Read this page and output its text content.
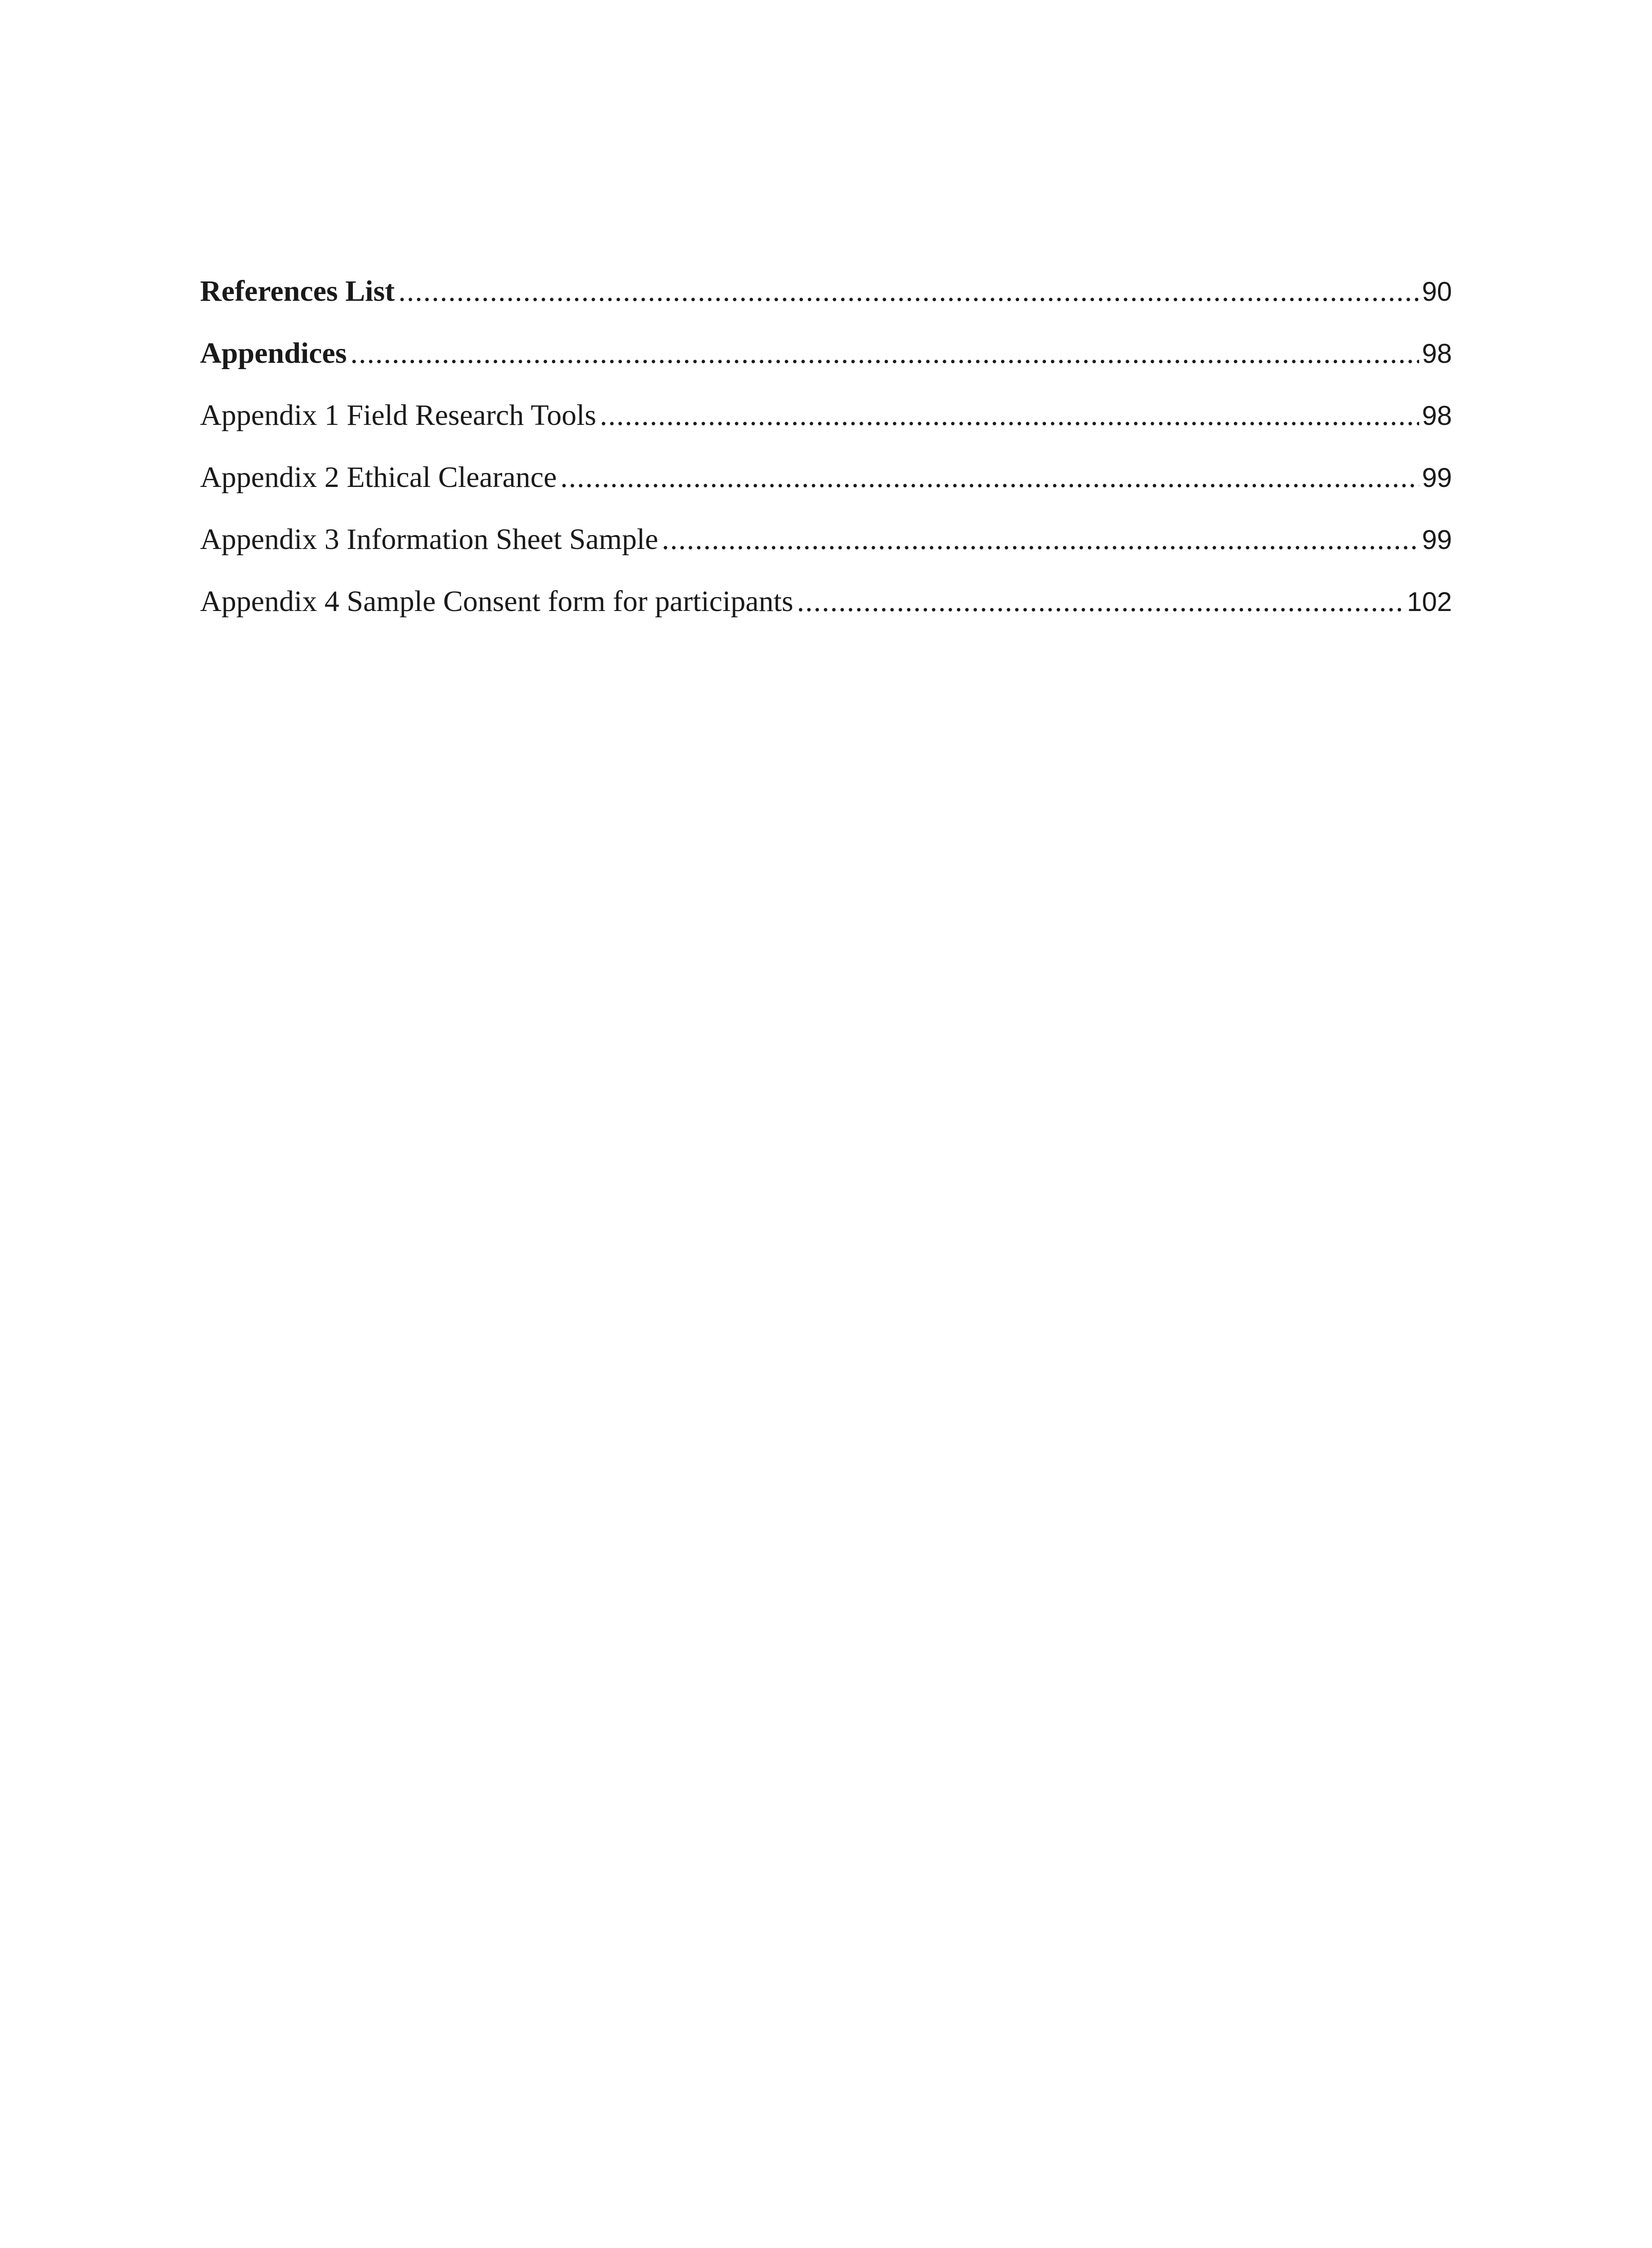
References List .....	90
Appendices .....	98
Appendix 1 Field Research Tools .....	98
Appendix 2 Ethical Clearance .....	99
Appendix 3 Information Sheet Sample .....	99
Appendix 4 Sample Consent form for participants .....	102
